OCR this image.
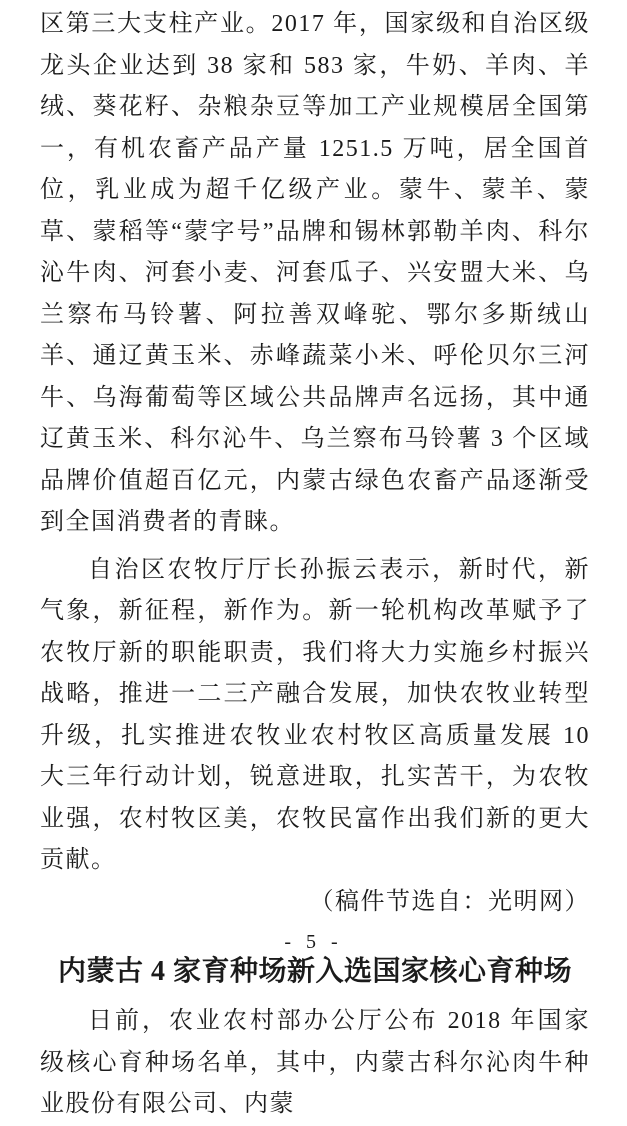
区第三大支柱产业。2017 年，国家级和自治区级龙头企业达到 38 家和 583 家，牛奶、羊肉、羊绒、葵花籽、杂粮杂豆等加工产业规模居全国第一，有机农畜产品产量 1251.5 万吨，居全国首位，乳业成为超千亿级产业。蒙牛、蒙羊、蒙草、蒙稻等“蒙字号”品牌和锡林郭勒羊肉、科尔沁牛肉、河套小麦、河套瓜子、兴安盟大米、乌兰察布马铃薯、阿拉善双峰驼、鄂尔多斯绒山羊、通辽黄玉米、赤峰蔬菜小米、呼伦贝尔三河牛、乌海葡萄等区域公共品牌声名远扬，其中通辽黄玉米、科尔沁牛、乌兰察布马铃薯 3 个区域品牌价值超百亿元，内蒙古绿色农畜产品逐渐受到全国消费者的青睐。

自治区农牧厅厅长孙振云表示，新时代，新气象，新征程，新作为。新一轮机构改革赋予了农牧厅新的职能职责，我们将大力实施乡村振兴战略，推进一二三产融合发展，加快农牧业转型升级，扎实推进农牧业农村牧区高质量发展 10 大三年行动计划，锐意进取，扎实苦干，为农牧业强，农村牧区美，农牧民富作出我们新的更大贡献。

（稿件节选自：光明网）

内蒙古 4 家育种场新入选国家核心育种场

日前，农业农村部办公厅公布 2018 年国家级核心育种场名单，其中，内蒙古科尔沁肉牛种业股份有限公司、内蒙

- 5 -
